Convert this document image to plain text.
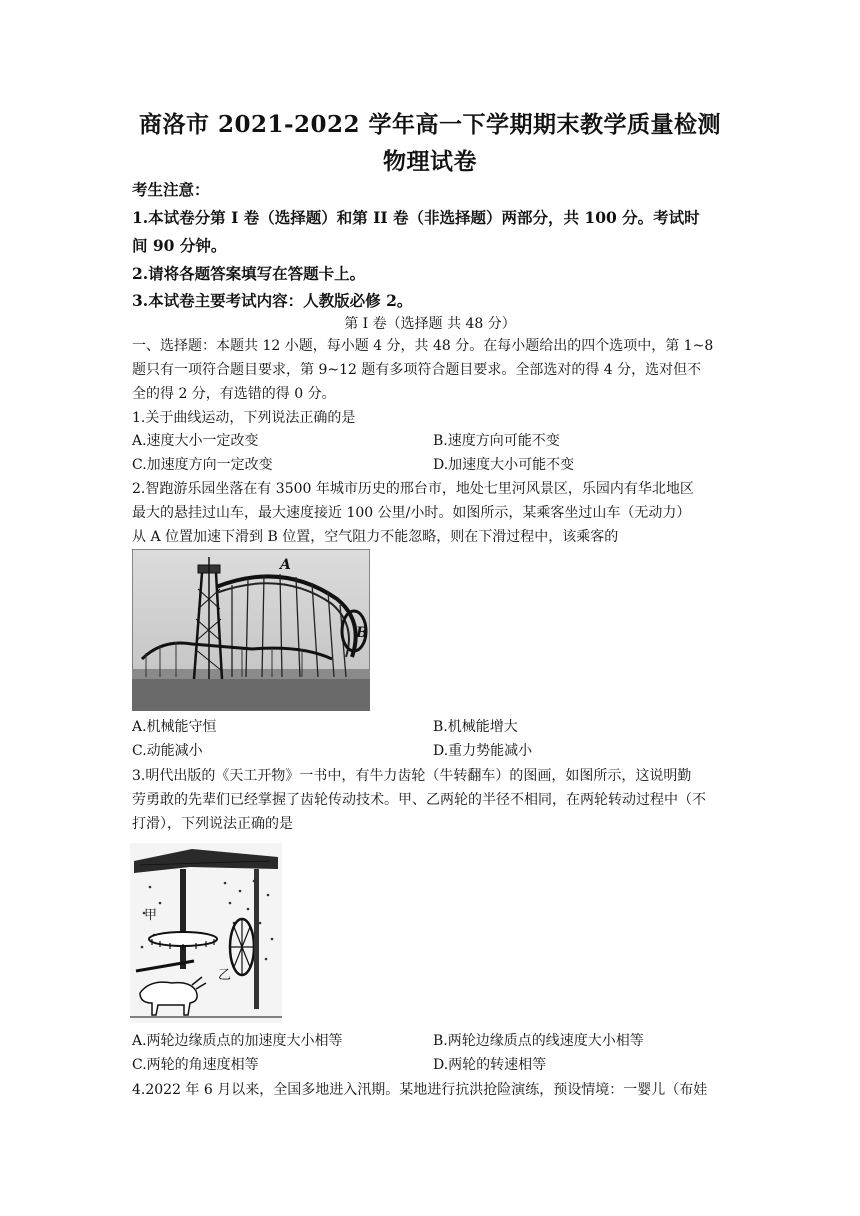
商洛市 2021-2022 学年高一下学期期末教学质量检测
物理试卷
考生注意：
1.本试卷分第 I 卷（选择题）和第 II 卷（非选择题）两部分，共 100 分。考试时
间 90 分钟。
2.请将各题答案填写在答题卡上。
3.本试卷主要考试内容：人教版必修 2。
第 I 卷（选择题 共 48 分）
一、选择题：本题共 12 小题，每小题 4 分，共 48 分。在每小题给出的四个选项中，第 1~8
题只有一项符合题目要求，第 9~12 题有多项符合题目要求。全部选对的得 4 分，选对但不
全的得 2 分，有选错的得 0 分。
1.关于曲线运动，下列说法正确的是
A.速度大小一定改变	B.速度方向可能不变
C.加速度方向一定改变	D.加速度大小可能不变
2.智跑游乐园坐落在有 3500 年城市历史的邢台市，地处七里河风景区，乐园内有华北地区
最大的悬挂过山车，最大速度接近 100 公里/小时。如图所示，某乘客坐过山车（无动力）
从 A 位置加速下滑到 B 位置，空气阻力不能忽略，则在下滑过程中，该乘客的
A
B
A.机械能守恒	B.机械能增大
C.动能减小	D.重力势能减小
3.明代出版的《天工开物》一书中，有牛力齿轮（牛转翻车）的图画，如图所示，这说明勤
劳勇敢的先辈们已经掌握了齿轮传动技术。甲、乙两轮的半径不相同，在两轮转动过程中（不
打滑），下列说法正确的是
甲
乙
A.两轮边缘质点的加速度大小相等	B.两轮边缘质点的线速度大小相等
C.两轮的角速度相等	D.两轮的转速相等
4.2022 年 6 月以来，全国多地进入汛期。某地进行抗洪抢险演练，预设情境：一婴儿（布娃
